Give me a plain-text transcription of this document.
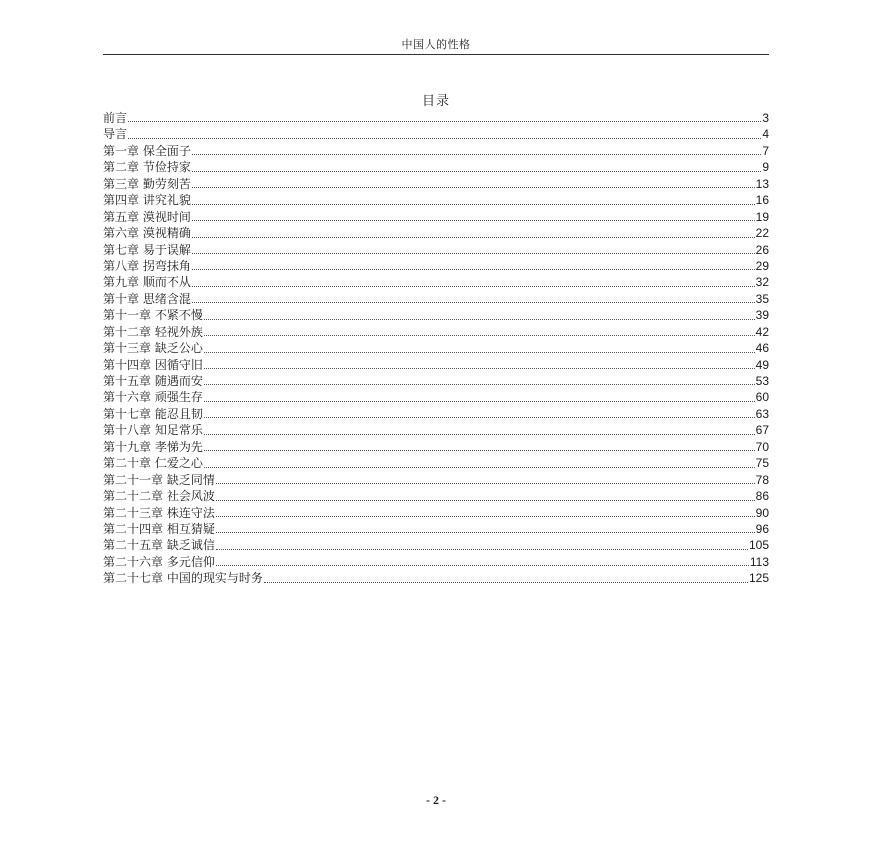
中国人的性格
目录
前言	3
导言	4
第一章 保全面子	7
第二章 节俭持家	9
第三章 勤劳刻苦	13
第四章 讲究礼貌	16
第五章 漠视时间	19
第六章 漠视精确	22
第七章 易于误解	26
第八章 拐弯抹角	29
第九章 顺而不从	32
第十章 思绪含混	35
第十一章 不紧不慢	39
第十二章 轻视外族	42
第十三章 缺乏公心	46
第十四章 因循守旧	49
第十五章 随遇而安	53
第十六章 顽强生存	60
第十七章 能忍且韧	63
第十八章 知足常乐	67
第十九章 孝悌为先	70
第二十章 仁爱之心	75
第二十一章 缺乏同情	78
第二十二章 社会风波	86
第二十三章 株连守法	90
第二十四章 相互猜疑	96
第二十五章 缺乏诚信	105
第二十六章 多元信仰	113
第二十七章 中国的现实与时务	125
- 2 -
